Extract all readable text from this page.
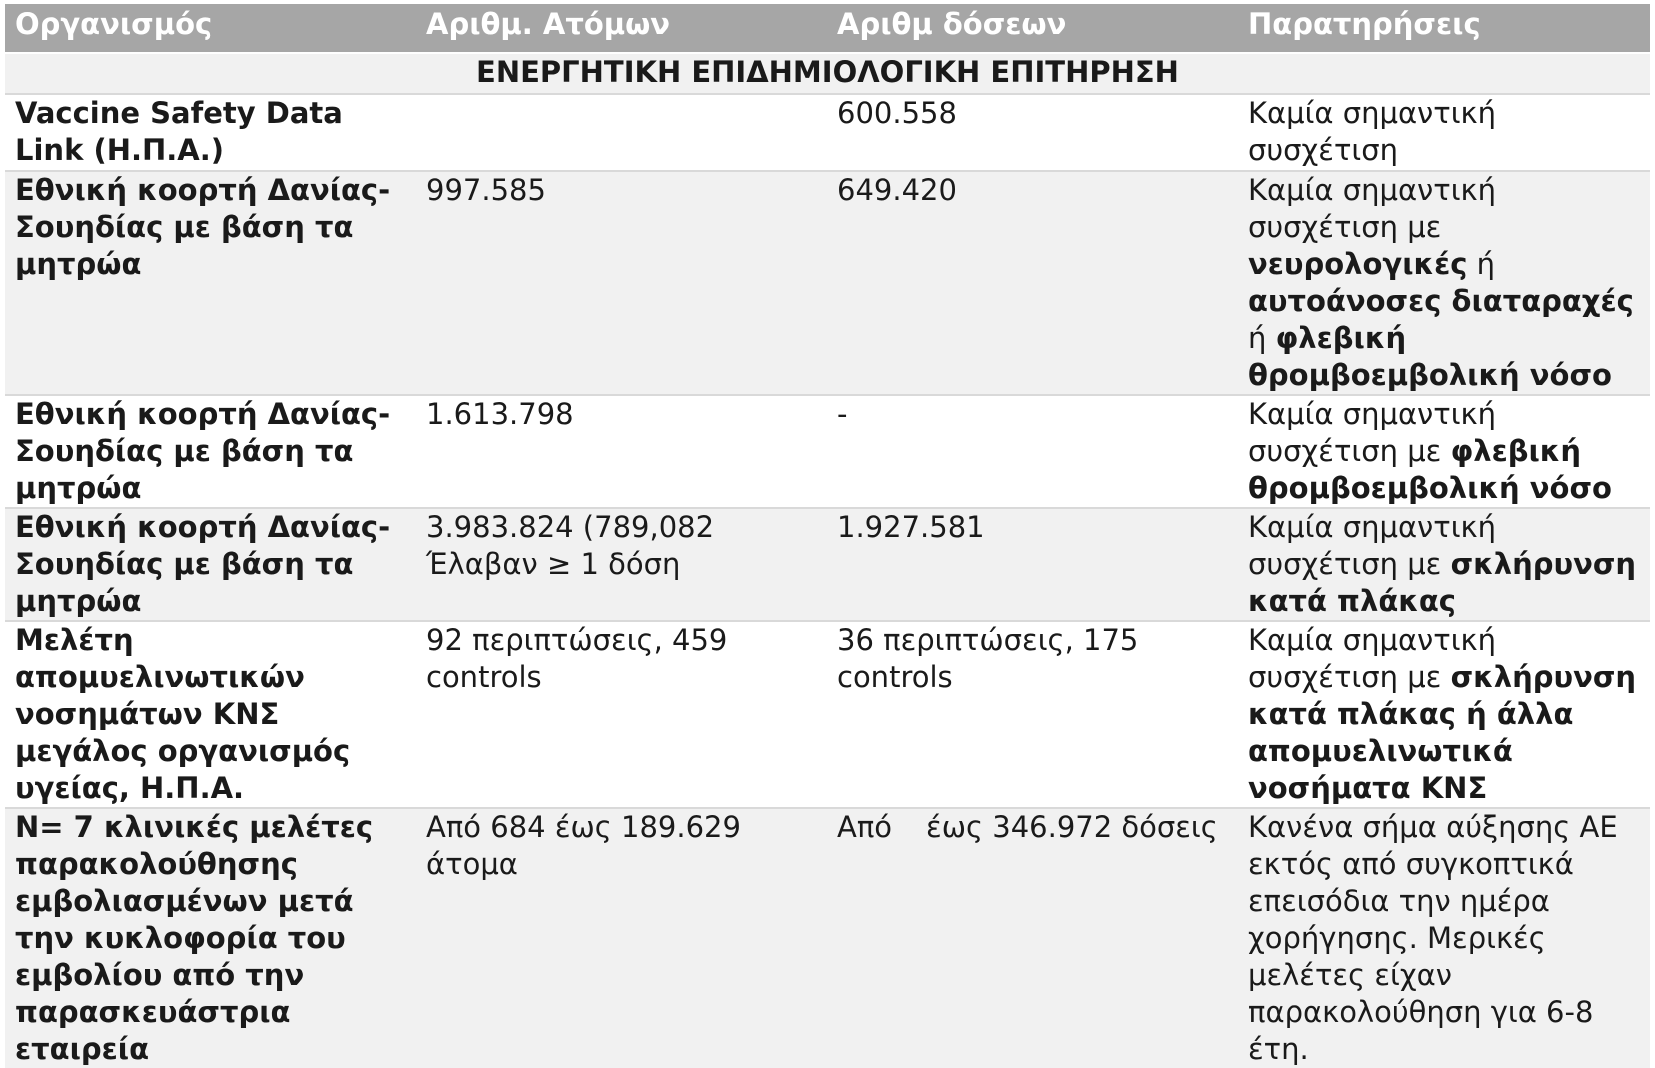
Οργανισμός	Αριθμ. Ατόμων	Αριθμ δόσεων	Παρατηρήσεις
ΕΝΕΡΓΗΤΙΚΗ ΕΠΙΔΗΜΙΟΛΟΓΙΚΗ ΕΠΙΤΗΡΗΣΗ			
Vaccine Safety Data Link (Η.Π.Α.)		600.558	Καμία σημαντική συσχέτιση
Εθνική κοορτή Δανίας-Σουηδίας με βάση τα μητρώα	997.585	649.420	Καμία σημαντική συσχέτιση με νευρολογικές ή αυτοάνοσες διαταραχές ή φλεβική θρομβοεμβολική νόσο
Εθνική κοορτή Δανίας-Σουηδίας με βάση τα μητρώα	1.613.798	-	Καμία σημαντική συσχέτιση με φλεβική θρομβοεμβολική νόσο
Εθνική κοορτή Δανίας-Σουηδίας με βάση τα μητρώα	3.983.824 (789,082 Έλαβαν ≥ 1 δόση	1.927.581	Καμία σημαντική συσχέτιση με σκλήρυνση κατά πλάκας
Μελέτη απομυελινωτικών νοσημάτων ΚΝΣ μεγάλος οργανισμός υγείας, Η.Π.Α.	92 περιπτώσεις, 459 controls	36 περιπτώσεις, 175 controls	Καμία σημαντική συσχέτιση με σκλήρυνση κατά πλάκας ή άλλα απομυελινωτικά νοσήματα ΚΝΣ
N= 7 κλινικές μελέτες παρακολούθησης εμβολιασμένων μετά την κυκλοφορία του εμβολίου από την παρασκευάστρια εταιρεία	Από 684 έως 189.629 άτομα	Από έως 346.972 δόσεις	Κανένα σήμα αύξησης ΑΕ εκτός από συγκοπτικά επεισόδια την ημέρα χορήγησης. Μερικές μελέτες είχαν παρακολούθηση για 6-8 έτη.
